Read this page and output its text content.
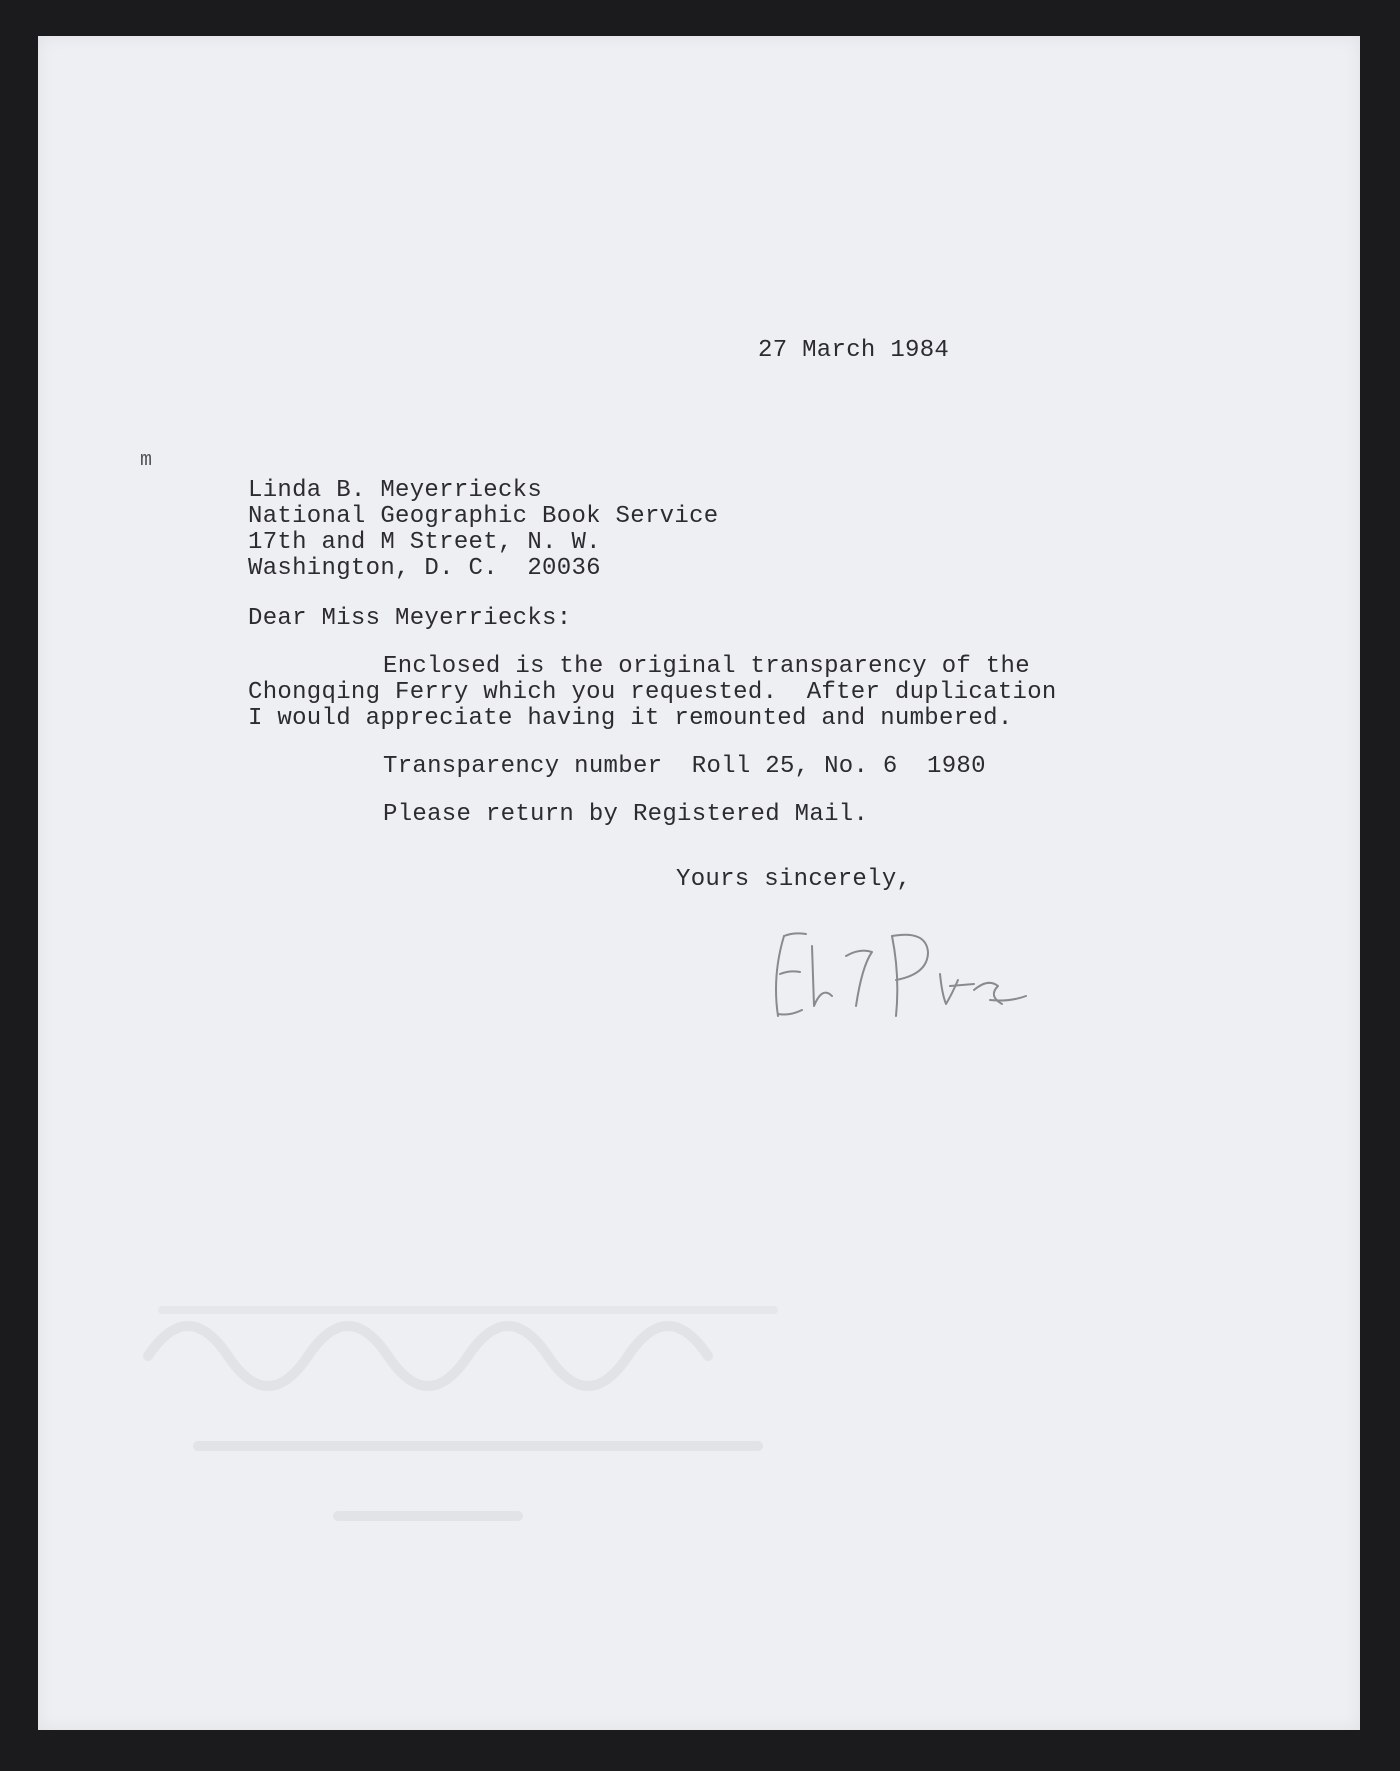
27 March 1984

m

Linda B. Meyerriecks

National Geographic Book Service

17th and M Street, N. W.

Washington, D. C.  20036

Dear Miss Meyerriecks:

Enclosed is the original transparency of the

Chongqing Ferry which you requested.  After duplication

I would appreciate having it remounted and numbered.

Transparency number  Roll 25, No. 6  1980

Please return by Registered Mail.

Yours sincerely,
